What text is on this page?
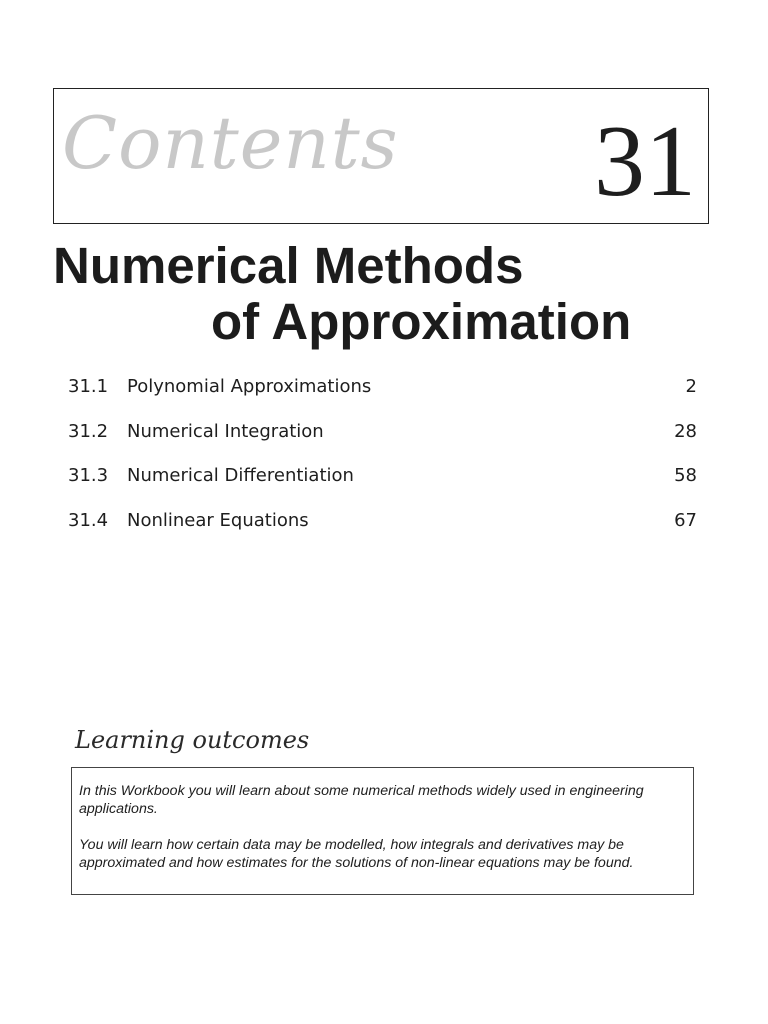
Contents 31
Numerical Methods
of Approximation
31.1	Polynomial Approximations	2
31.2	Numerical Integration	28
31.3	Numerical Differentiation	58
31.4	Nonlinear Equations	67
Learning outcomes

In this Workbook you will learn about some numerical methods widely used in engineering applications.

You will learn how certain data may be modelled, how integrals and derivatives may be approximated and how estimates for the solutions of non-linear equations may be found.
